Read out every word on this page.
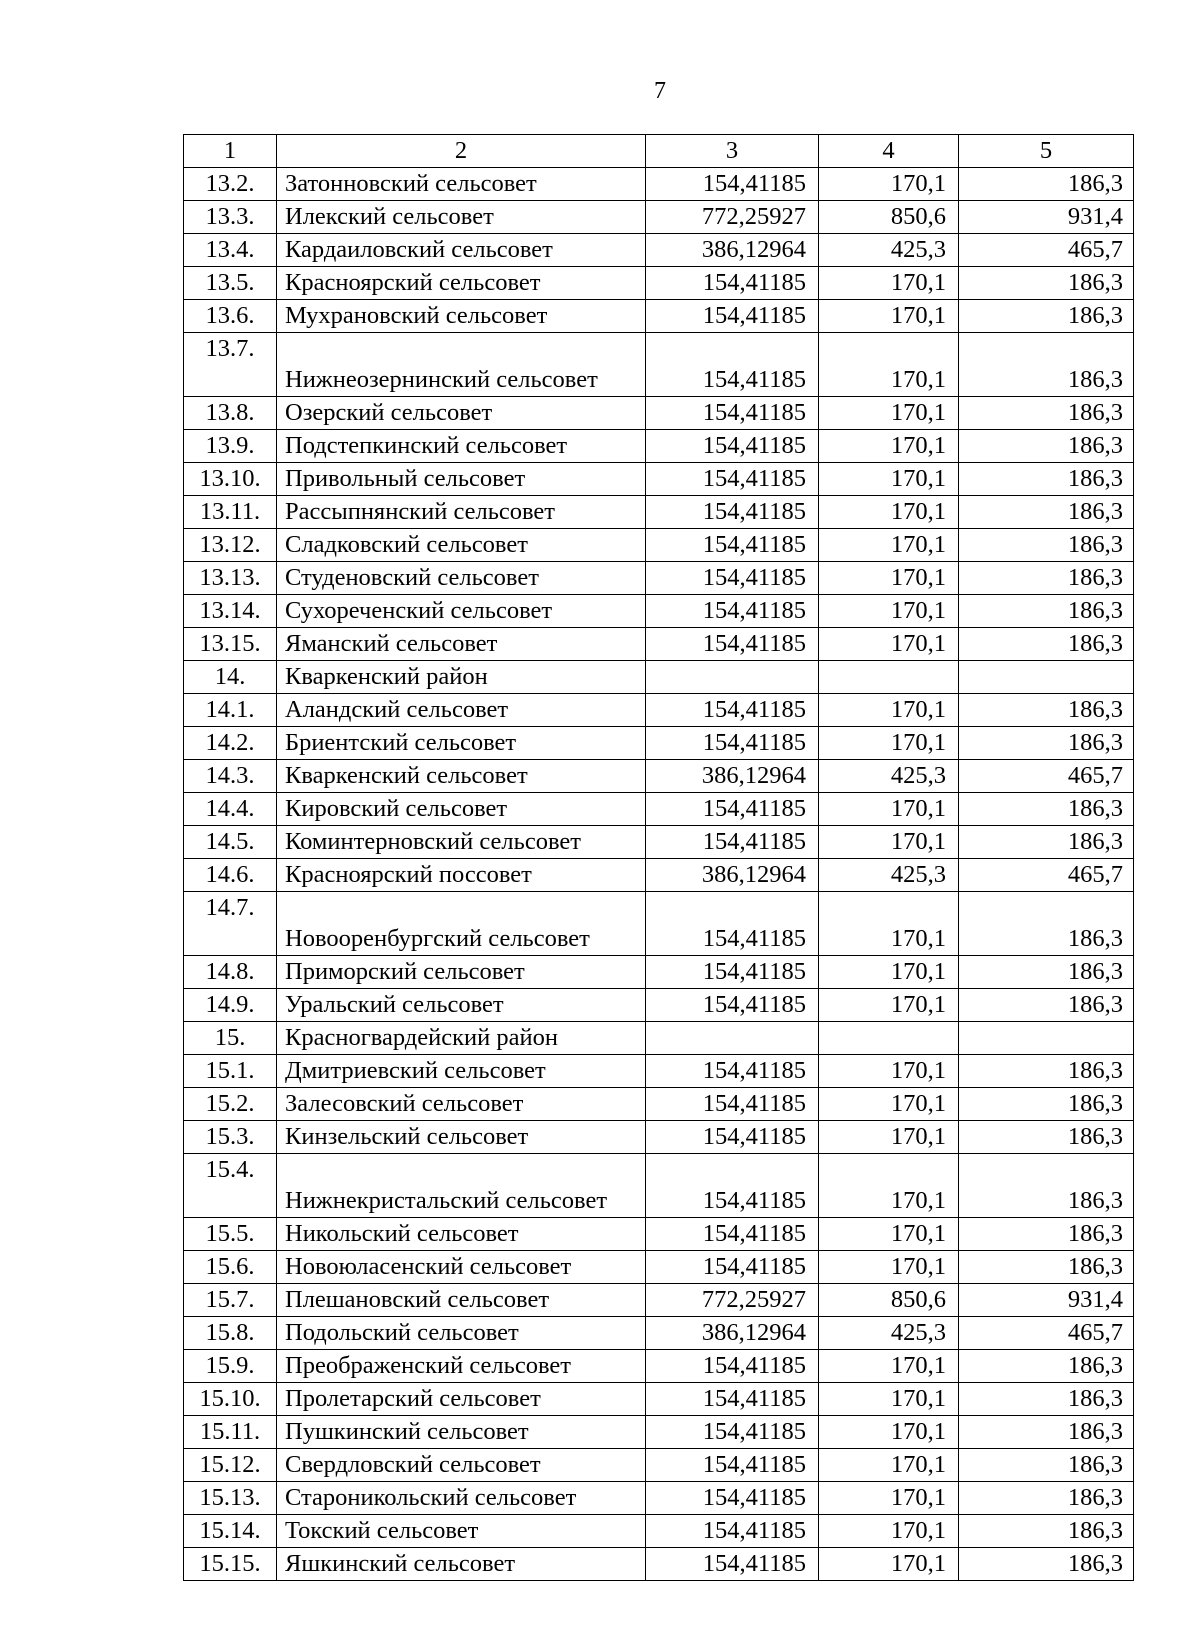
7
1	2	3	4	5
13.2.	Затонновский сельсовет	154,41185	170,1	186,3
13.3.	Илекский сельсовет	772,25927	850,6	931,4
13.4.	Кардаиловский сельсовет	386,12964	425,3	465,7
13.5.	Красноярский сельсовет	154,41185	170,1	186,3
13.6.	Мухрановский сельсовет	154,41185	170,1	186,3
13.7.	Нижнеозернинский сельсовет	154,41185	170,1	186,3
13.8.	Озерский сельсовет	154,41185	170,1	186,3
13.9.	Подстепкинский сельсовет	154,41185	170,1	186,3
13.10.	Привольный сельсовет	154,41185	170,1	186,3
13.11.	Рассыпнянский сельсовет	154,41185	170,1	186,3
13.12.	Сладковский сельсовет	154,41185	170,1	186,3
13.13.	Студеновский сельсовет	154,41185	170,1	186,3
13.14.	Сухореченский сельсовет	154,41185	170,1	186,3
13.15.	Яманский сельсовет	154,41185	170,1	186,3
14.	Кваркенский район			
14.1.	Аландский сельсовет	154,41185	170,1	186,3
14.2.	Бриентский сельсовет	154,41185	170,1	186,3
14.3.	Кваркенский сельсовет	386,12964	425,3	465,7
14.4.	Кировский сельсовет	154,41185	170,1	186,3
14.5.	Коминтерновский сельсовет	154,41185	170,1	186,3
14.6.	Красноярский поссовет	386,12964	425,3	465,7
14.7.	Новооренбургский сельсовет	154,41185	170,1	186,3
14.8.	Приморский сельсовет	154,41185	170,1	186,3
14.9.	Уральский сельсовет	154,41185	170,1	186,3
15.	Красногвардейский район			
15.1.	Дмитриевский сельсовет	154,41185	170,1	186,3
15.2.	Залесовский сельсовет	154,41185	170,1	186,3
15.3.	Кинзельский сельсовет	154,41185	170,1	186,3
15.4.	Нижнекристальский сельсовет	154,41185	170,1	186,3
15.5.	Никольский сельсовет	154,41185	170,1	186,3
15.6.	Новоюласенский сельсовет	154,41185	170,1	186,3
15.7.	Плешановский сельсовет	772,25927	850,6	931,4
15.8.	Подольский сельсовет	386,12964	425,3	465,7
15.9.	Преображенский сельсовет	154,41185	170,1	186,3
15.10.	Пролетарский сельсовет	154,41185	170,1	186,3
15.11.	Пушкинский сельсовет	154,41185	170,1	186,3
15.12.	Свердловский сельсовет	154,41185	170,1	186,3
15.13.	Староникольский сельсовет	154,41185	170,1	186,3
15.14.	Токский сельсовет	154,41185	170,1	186,3
15.15.	Яшкинский сельсовет	154,41185	170,1	186,3
